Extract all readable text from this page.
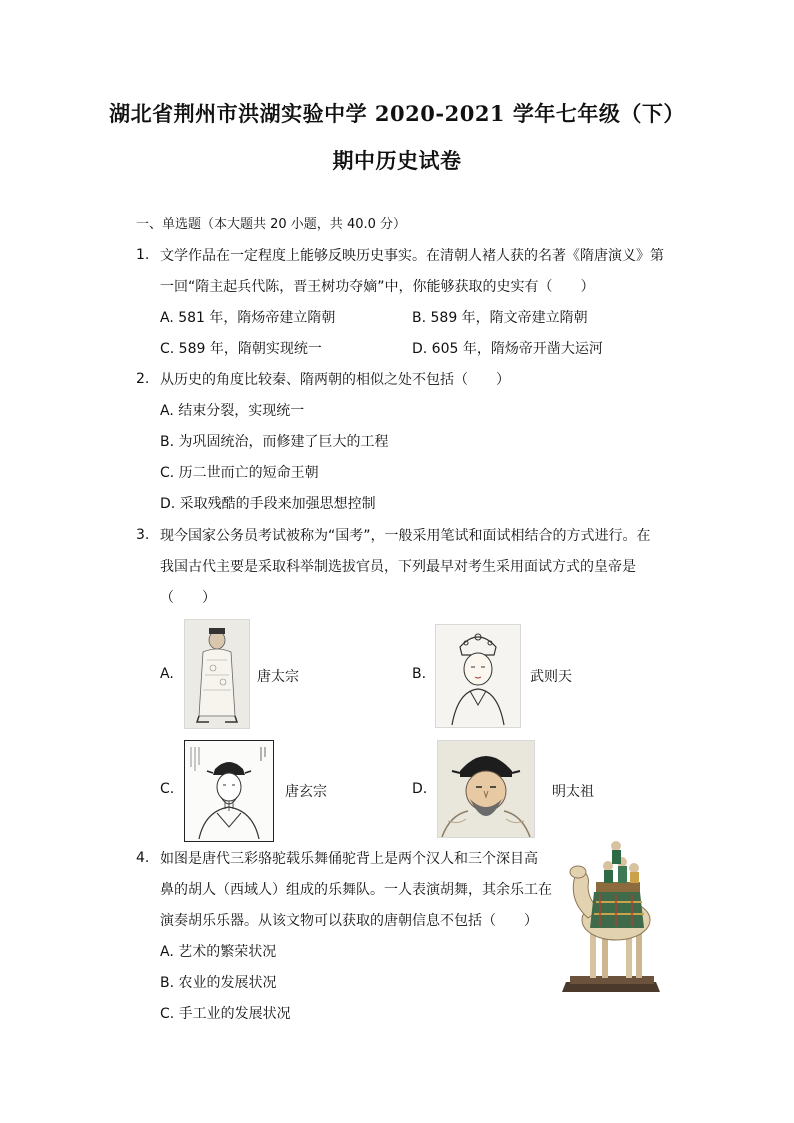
湖北省荆州市洪湖实验中学 2020-2021 学年七年级（下）
期中历史试卷
一、单选题（本大题共 20 小题，共 40.0 分）
1. 文学作品在一定程度上能够反映历史事实。在清朝人褚人获的名著《隋唐演义》第
一回“隋主起兵代陈，晋王树功夺嫡”中，你能够获取的史实有（　　）
A. 581 年，隋炀帝建立隋朝	B. 589 年，隋文帝建立隋朝
C. 589 年，隋朝实现统一	D. 605 年，隋炀帝开凿大运河
2. 从历史的角度比较秦、隋两朝的相似之处不包括（　　）
A. 结束分裂，实现统一
B. 为巩固统治，而修建了巨大的工程
C. 历二世而亡的短命王朝
D. 采取残酷的手段来加强思想控制
3. 现今国家公务员考试被称为“国考”，一般采用笔试和面试相结合的方式进行。在
我国古代主要是采取科举制选拔官员，下列最早对考生采用面试方式的皇帝是
（　　）
A.	唐太宗	B.	武则天
C.	唐玄宗	D.	明太祖
4. 如图是唐代三彩骆驼载乐舞俑驼背上是两个汉人和三个深目高
鼻的胡人（西域人）组成的乐舞队。一人表演胡舞，其余乐工在
演奏胡乐乐器。从该文物可以获取的唐朝信息不包括（　　）
A. 艺术的繁荣状况
B. 农业的发展状况
C. 手工业的发展状况
